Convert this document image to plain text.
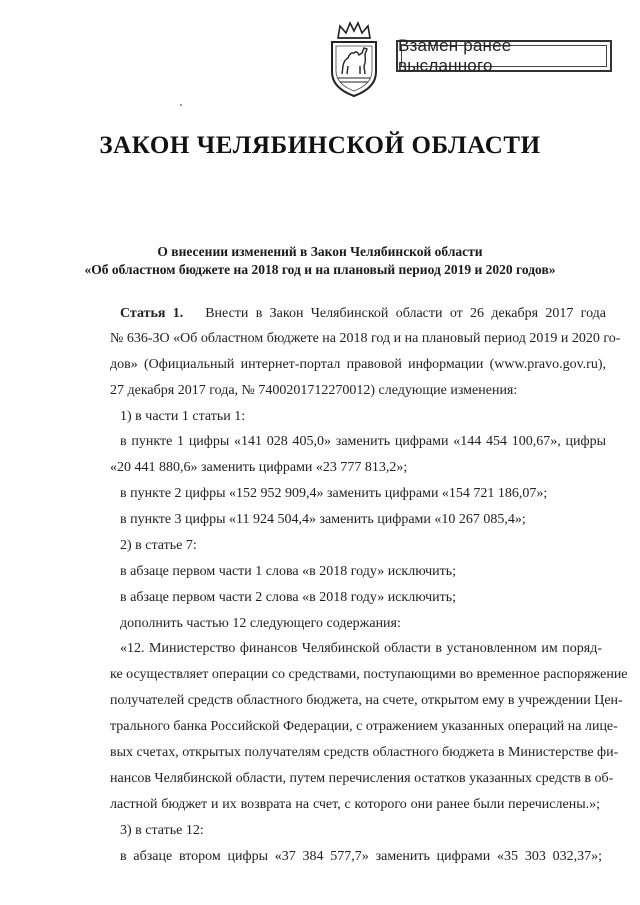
Взамен ранее высланного
ЗАКОН ЧЕЛЯБИНСКОЙ ОБЛАСТИ
О внесении изменений в Закон Челябинской области
«Об областном бюджете на 2018 год и на плановый период 2019 и 2020 годов»
Статья 1. Внести в Закон Челябинской области от 26 декабря 2017 года
№ 636-ЗО «Об областном бюджете на 2018 год и на плановый период 2019 и 2020 го-
дов» (Официальный интернет-портал правовой информации (www.pravo.gov.ru),
27 декабря 2017 года, № 7400201712270012) следующие изменения:
1) в части 1 статьи 1:
в пункте 1 цифры «141 028 405,0» заменить цифрами «144 454 100,67», цифры
«20 441 880,6» заменить цифрами «23 777 813,2»;
в пункте 2 цифры «152 952 909,4» заменить цифрами «154 721 186,07»;
в пункте 3 цифры «11 924 504,4» заменить цифрами «10 267 085,4»;
2) в статье 7:
в абзаце первом части 1 слова «в 2018 году» исключить;
в абзаце первом части 2 слова «в 2018 году» исключить;
дополнить частью 12 следующего содержания:
«12. Министерство финансов Челябинской области в установленном им поряд-
ке осуществляет операции со средствами, поступающими во временное распоряжение
получателей средств областного бюджета, на счете, открытом ему в учреждении Цен-
трального банка Российской Федерации, с отражением указанных операций на лице-
вых счетах, открытых получателям средств областного бюджета в Министерстве фи-
нансов Челябинской области, путем перечисления остатков указанных средств в об-
ластной бюджет и их возврата на счет, с которого они ранее были перечислены.»;
3) в статье 12:
в абзаце втором цифры «37 384 577,7» заменить цифрами «35 303 032,37»;
